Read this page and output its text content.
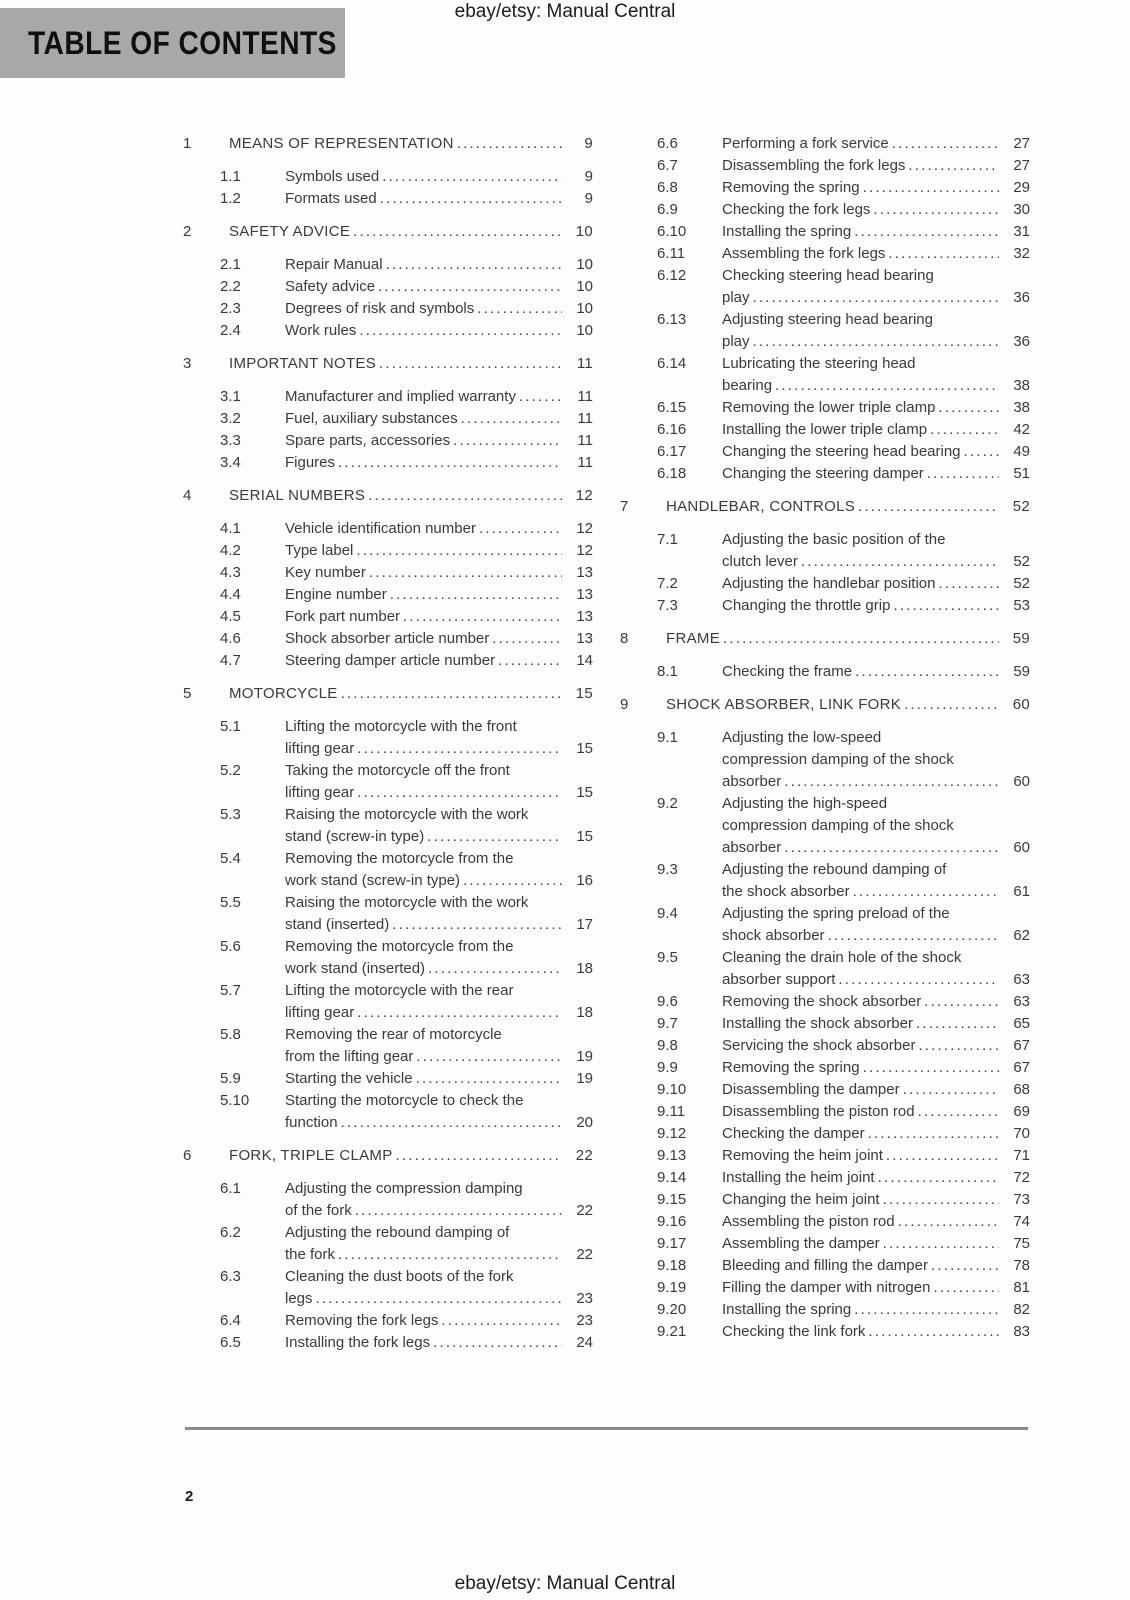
ebay/etsy: Manual Central
TABLE OF CONTENTS
1	MEANS OF REPRESENTATION .....	9
1.1	Symbols used .....	9
1.2	Formats used .....	9
2	SAFETY ADVICE .....	10
2.1	Repair Manual .....	10
2.2	Safety advice .....	10
2.3	Degrees of risk and symbols .....	10
2.4	Work rules .....	10
3	IMPORTANT NOTES .....	11
3.1	Manufacturer and implied warranty .....	11
3.2	Fuel, auxiliary substances .....	11
3.3	Spare parts, accessories .....	11
3.4	Figures .....	11
4	SERIAL NUMBERS .....	12
4.1	Vehicle identification number .....	12
4.2	Type label .....	12
4.3	Key number .....	13
4.4	Engine number .....	13
4.5	Fork part number .....	13
4.6	Shock absorber article number .....	13
4.7	Steering damper article number .....	14
5	MOTORCYCLE .....	15
5.1	Lifting the motorcycle with the front
lifting gear .....	15
5.2	Taking the motorcycle off the front
lifting gear .....	15
5.3	Raising the motorcycle with the work
stand (screw-in type) .....	15
5.4	Removing the motorcycle from the
work stand (screw-in type) .....	16
5.5	Raising the motorcycle with the work
stand (inserted) .....	17
5.6	Removing the motorcycle from the
work stand (inserted) .....	18
5.7	Lifting the motorcycle with the rear
lifting gear .....	18
5.8	Removing the rear of motorcycle
from the lifting gear .....	19
5.9	Starting the vehicle .....	19
5.10	Starting the motorcycle to check the
function .....	20
6	FORK, TRIPLE CLAMP .....	22
6.1	Adjusting the compression damping
of the fork .....	22
6.2	Adjusting the rebound damping of
the fork .....	22
6.3	Cleaning the dust boots of the fork
legs .....	23
6.4	Removing the fork legs .....	23
6.5	Installing the fork legs .....	24
6.6	Performing a fork service .....	27
6.7	Disassembling the fork legs .....	27
6.8	Removing the spring .....	29
6.9	Checking the fork legs .....	30
6.10	Installing the spring .....	31
6.11	Assembling the fork legs .....	32
6.12	Checking steering head bearing
play .....	36
6.13	Adjusting steering head bearing
play .....	36
6.14	Lubricating the steering head
bearing .....	38
6.15	Removing the lower triple clamp .....	38
6.16	Installing the lower triple clamp .....	42
6.17	Changing the steering head bearing .....	49
6.18	Changing the steering damper .....	51
7	HANDLEBAR, CONTROLS .....	52
7.1	Adjusting the basic position of the
clutch lever .....	52
7.2	Adjusting the handlebar position .....	52
7.3	Changing the throttle grip .....	53
8	FRAME .....	59
8.1	Checking the frame .....	59
9	SHOCK ABSORBER, LINK FORK .....	60
9.1	Adjusting the low-speed
compression damping of the shock
absorber .....	60
9.2	Adjusting the high-speed
compression damping of the shock
absorber .....	60
9.3	Adjusting the rebound damping of
the shock absorber .....	61
9.4	Adjusting the spring preload of the
shock absorber .....	62
9.5	Cleaning the drain hole of the shock
absorber support .....	63
9.6	Removing the shock absorber .....	63
9.7	Installing the shock absorber .....	65
9.8	Servicing the shock absorber .....	67
9.9	Removing the spring .....	67
9.10	Disassembling the damper .....	68
9.11	Disassembling the piston rod .....	69
9.12	Checking the damper .....	70
9.13	Removing the heim joint .....	71
9.14	Installing the heim joint .....	72
9.15	Changing the heim joint .....	73
9.16	Assembling the piston rod .....	74
9.17	Assembling the damper .....	75
9.18	Bleeding and filling the damper .....	78
9.19	Filling the damper with nitrogen .....	81
9.20	Installing the spring .....	82
9.21	Checking the link fork .....	83
2
ebay/etsy: Manual Central
